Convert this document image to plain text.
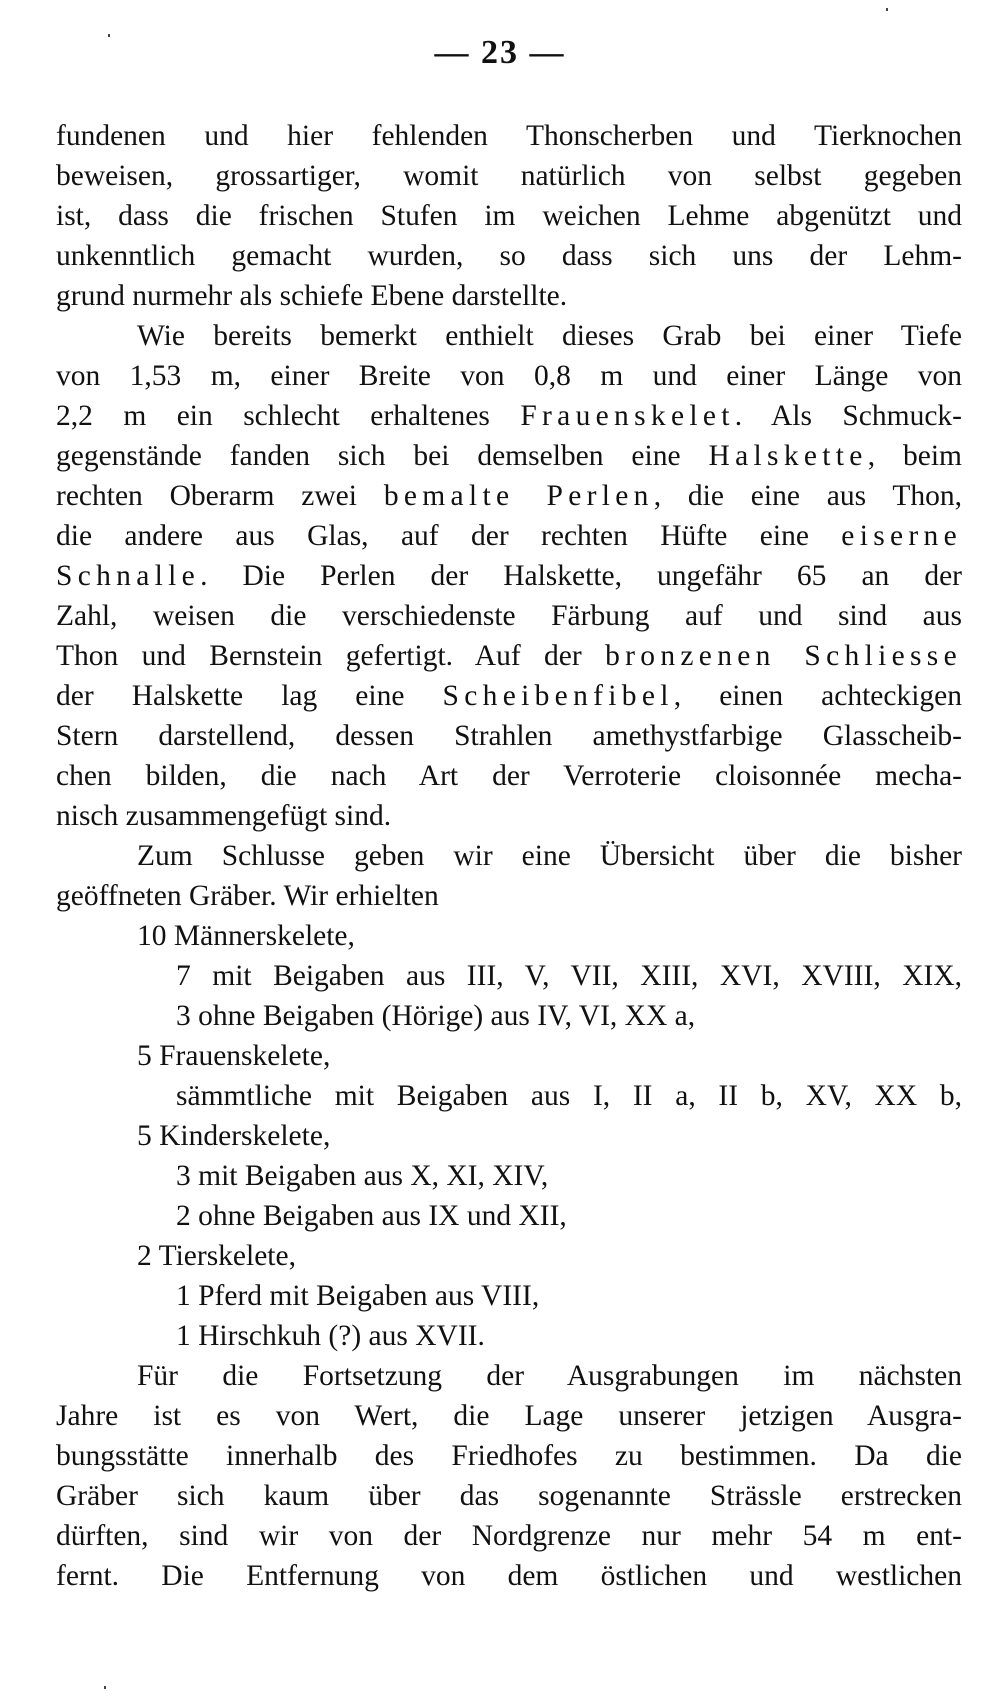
— 23 —
fundenen und hier fehlenden Thonscherben und Tierknochen
beweisen, grossartiger, womit natürlich von selbst gegeben
ist, dass die frischen Stufen im weichen Lehme abgenützt und
unkenntlich gemacht wurden, so dass sich uns der Lehm-
grund nurmehr als schiefe Ebene darstellte.
Wie bereits bemerkt enthielt dieses Grab bei einer Tiefe
von 1,53 m, einer Breite von 0,8 m und einer Länge von
2,2 m ein schlecht erhaltenes Frauenskelet. Als Schmuck-
gegenstände fanden sich bei demselben eine Halskette, beim
rechten Oberarm zwei bemalte Perlen, die eine aus Thon,
die andere aus Glas, auf der rechten Hüfte eine eiserne
Schnalle. Die Perlen der Halskette, ungefähr 65 an der
Zahl, weisen die verschiedenste Färbung auf und sind aus
Thon und Bernstein gefertigt. Auf der bronzenen Schliesse
der Halskette lag eine Scheibenfibel, einen achteckigen
Stern darstellend, dessen Strahlen amethystfarbige Glasscheib-
chen bilden, die nach Art der Verroterie cloisonnée mecha-
nisch zusammengefügt sind.
Zum Schlusse geben wir eine Übersicht über die bisher
geöffneten Gräber. Wir erhielten
10 Männerskelete,
7 mit Beigaben aus III, V, VII, XIII, XVI, XVIII, XIX,
3 ohne Beigaben (Hörige) aus IV, VI, XX a,
5 Frauenskelete,
sämmtliche mit Beigaben aus I, II a, II b, XV, XX b,
5 Kinderskelete,
3 mit Beigaben aus X, XI, XIV,
2 ohne Beigaben aus IX und XII,
2 Tierskelete,
1 Pferd mit Beigaben aus VIII,
1 Hirschkuh (?) aus XVII.
Für die Fortsetzung der Ausgrabungen im nächsten
Jahre ist es von Wert, die Lage unserer jetzigen Ausgra-
bungsstätte innerhalb des Friedhofes zu bestimmen. Da die
Gräber sich kaum über das sogenannte Strässle erstrecken
dürften, sind wir von der Nordgrenze nur mehr 54 m ent-
fernt. Die Entfernung von dem östlichen und westlichen
